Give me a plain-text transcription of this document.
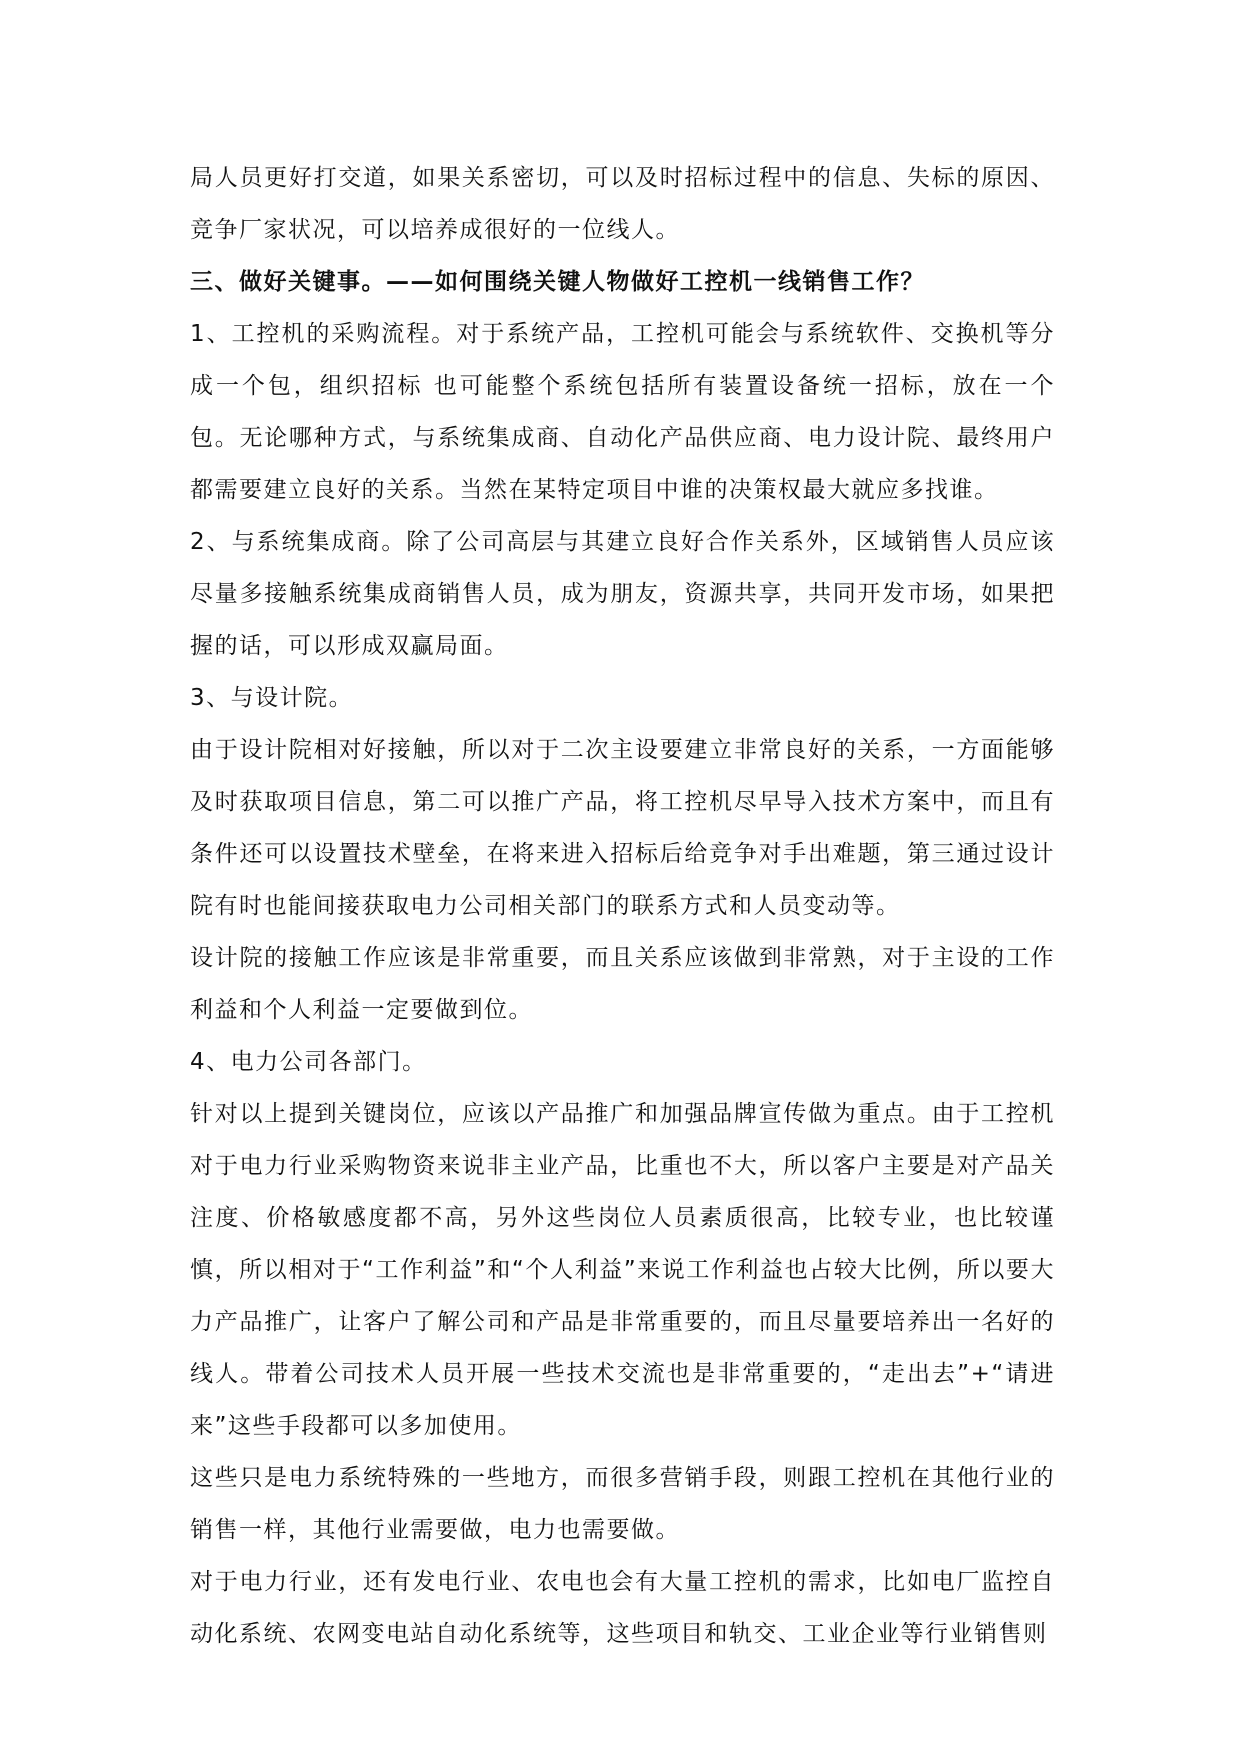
局人员更好打交道，如果关系密切，可以及时招标过程中的信息、失标的原因、竞争厂家状况，可以培养成很好的一位线人。

三、做好关键事。——如何围绕关键人物做好工控机一线销售工作？

1、工控机的采购流程。对于系统产品，工控机可能会与系统软件、交换机等分成一个包，组织招标 也可能整个系统包括所有装置设备统一招标，放在一个包。无论哪种方式，与系统集成商、自动化产品供应商、电力设计院、最终用户都需要建立良好的关系。当然在某特定项目中谁的决策权最大就应多找谁。

2、与系统集成商。除了公司高层与其建立良好合作关系外，区域销售人员应该尽量多接触系统集成商销售人员，成为朋友，资源共享，共同开发市场，如果把握的话，可以形成双赢局面。

3、与设计院。

由于设计院相对好接触，所以对于二次主设要建立非常良好的关系，一方面能够及时获取项目信息，第二可以推广产品，将工控机尽早导入技术方案中，而且有条件还可以设置技术壁垒，在将来进入招标后给竞争对手出难题，第三通过设计院有时也能间接获取电力公司相关部门的联系方式和人员变动等。

设计院的接触工作应该是非常重要，而且关系应该做到非常熟，对于主设的工作利益和个人利益一定要做到位。

4、电力公司各部门。

针对以上提到关键岗位，应该以产品推广和加强品牌宣传做为重点。由于工控机对于电力行业采购物资来说非主业产品，比重也不大，所以客户主要是对产品关注度、价格敏感度都不高，另外这些岗位人员素质很高，比较专业，也比较谨慎，所以相对于“工作利益”和“个人利益”来说工作利益也占较大比例，所以要大力产品推广，让客户了解公司和产品是非常重要的，而且尽量要培养出一名好的线人。带着公司技术人员开展一些技术交流也是非常重要的，“走出去”+“请进来”这些手段都可以多加使用。

这些只是电力系统特殊的一些地方，而很多营销手段，则跟工控机在其他行业的销售一样，其他行业需要做，电力也需要做。

对于电力行业，还有发电行业、农电也会有大量工控机的需求，比如电厂监控自动化系统、农网变电站自动化系统等，这些项目和轨交、工业企业等行业销售则
